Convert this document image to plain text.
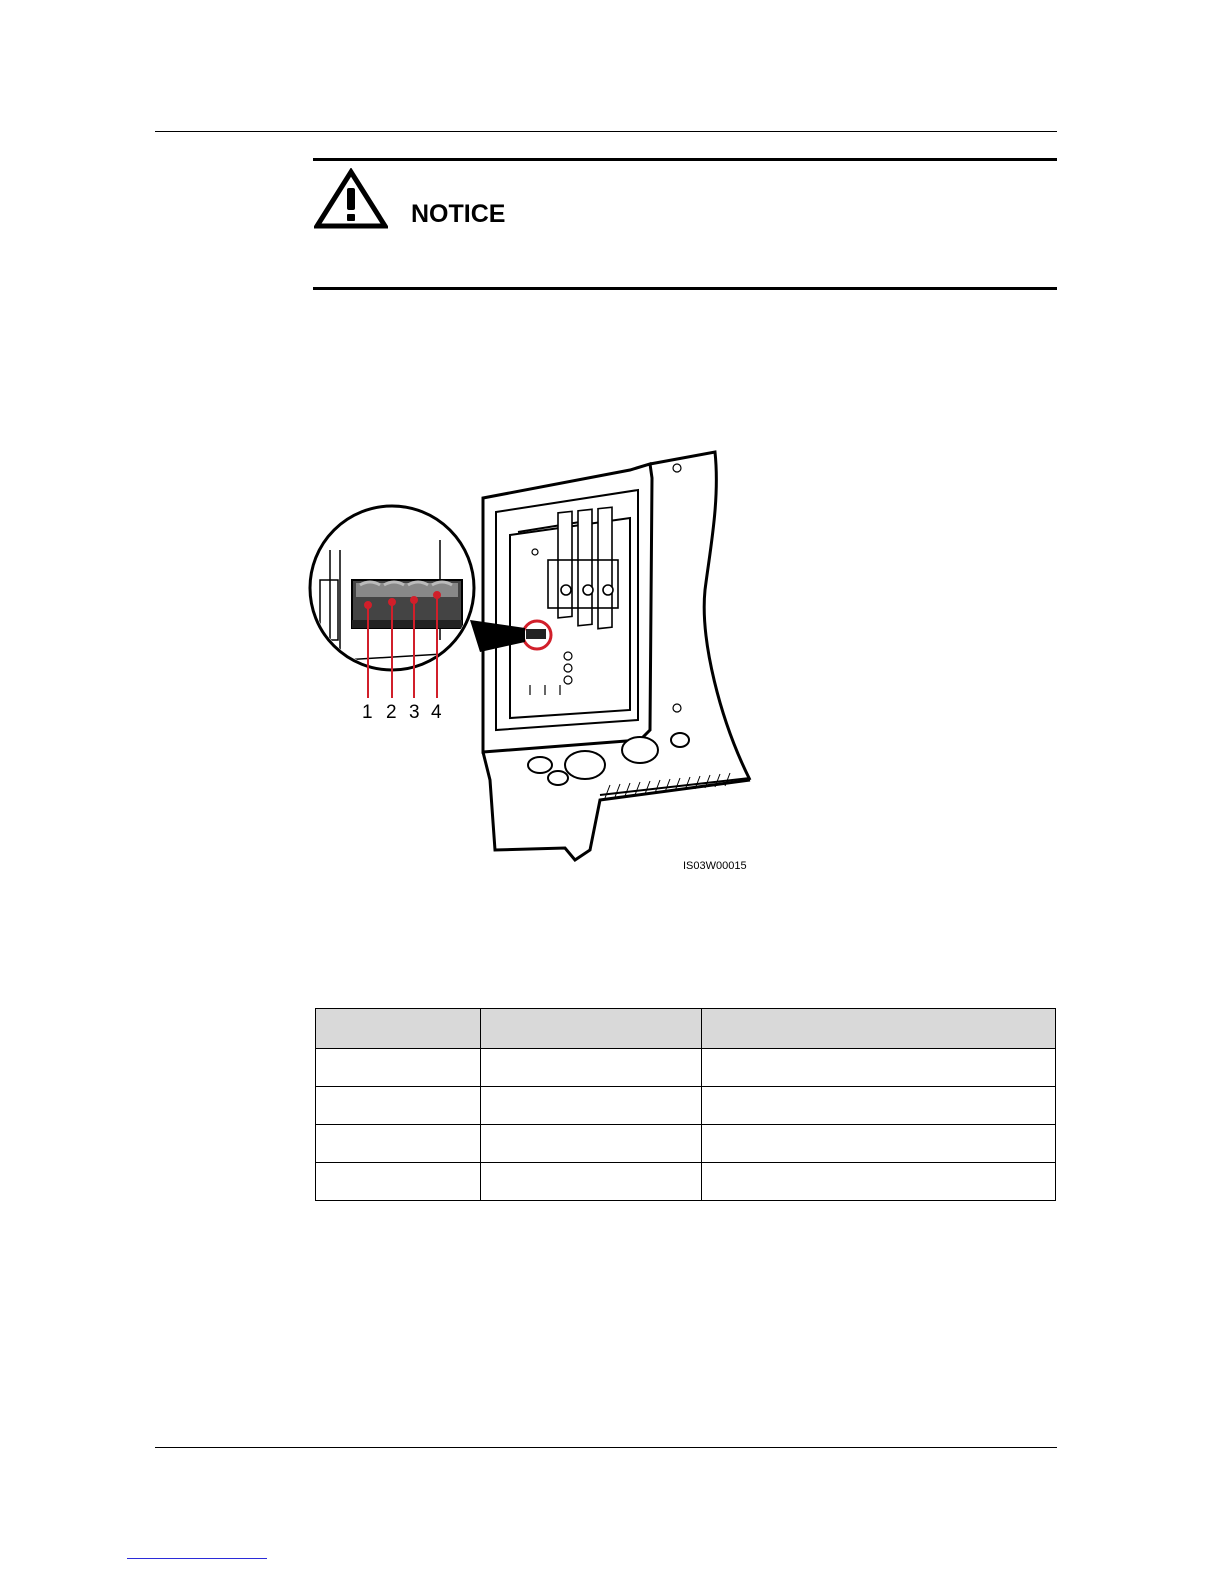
NOTICE
1 2 3 4
IS03W00015
